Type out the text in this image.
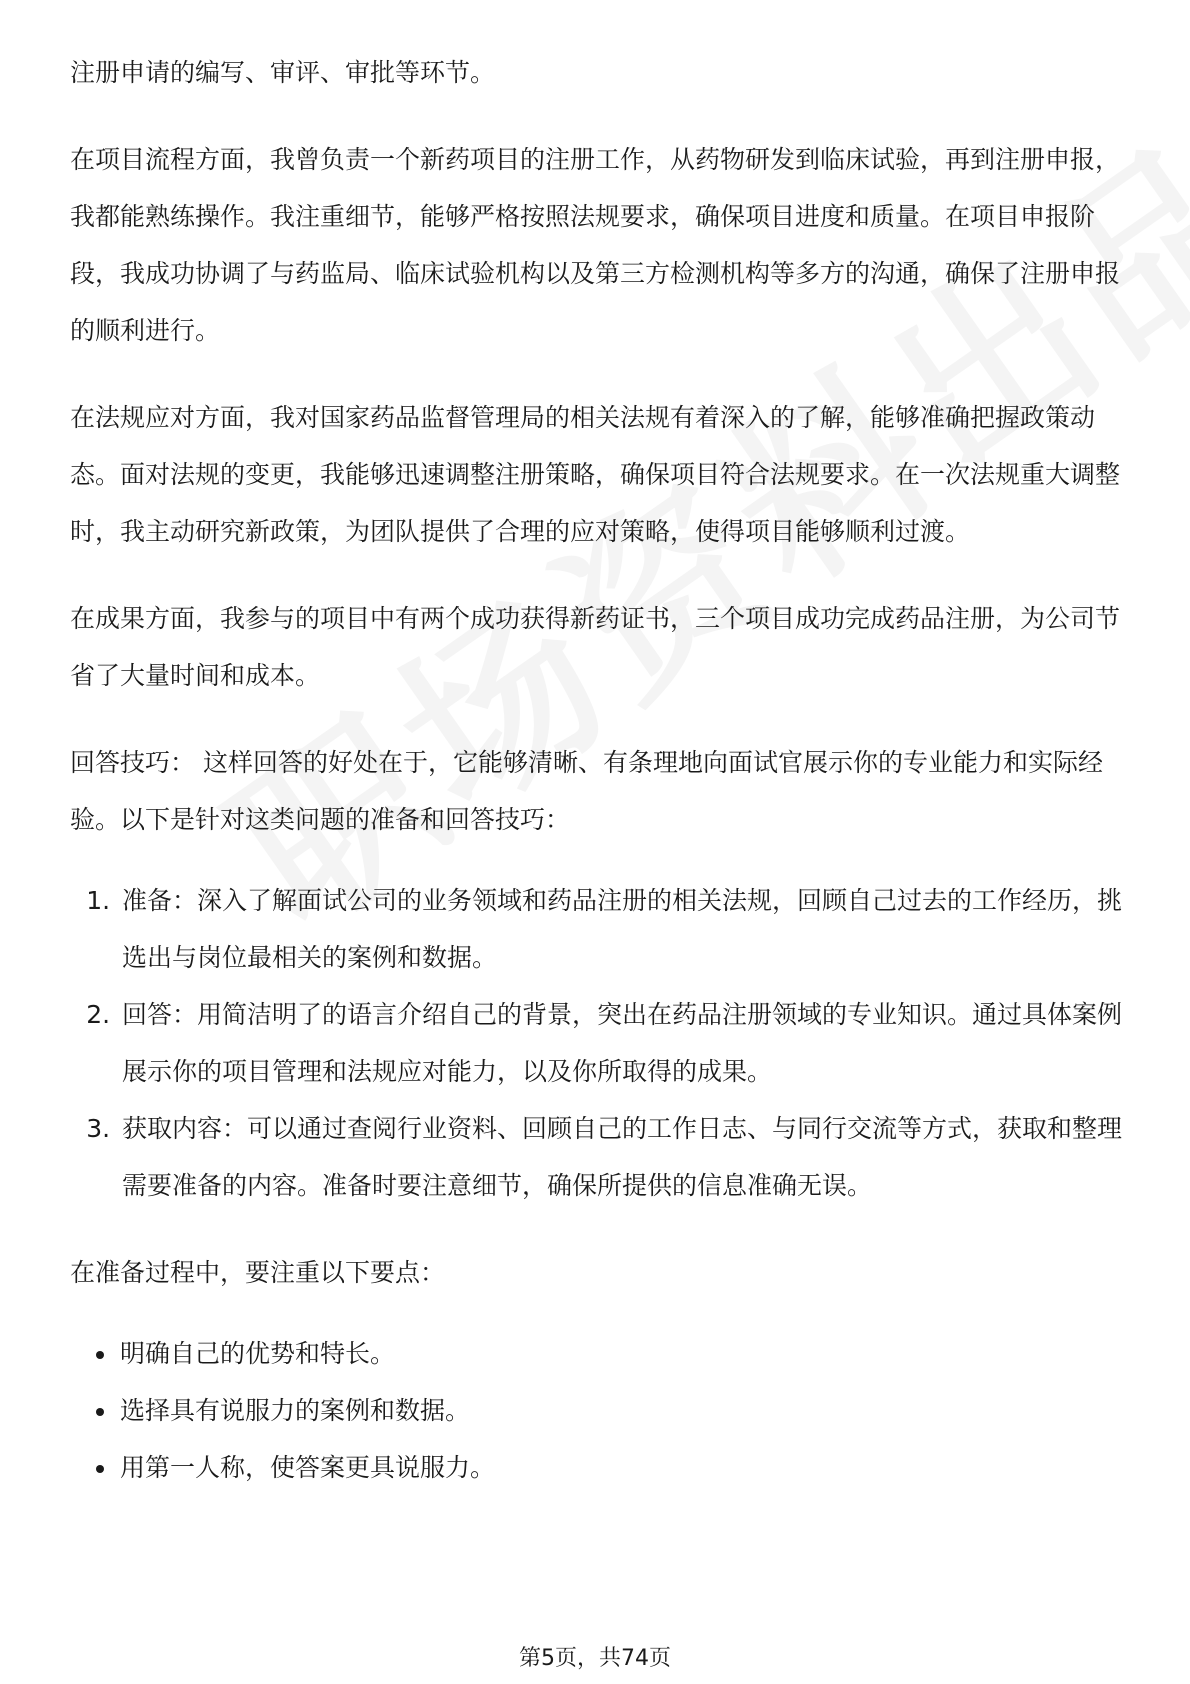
注册申请的编写、审评、审批等环节。

在项目流程方面，我曾负责一个新药项目的注册工作，从药物研发到临床试验，再到注册申报，我都能熟练操作。我注重细节，能够严格按照法规要求，确保项目进度和质量。在项目申报阶段，我成功协调了与药监局、临床试验机构以及第三方检测机构等多方的沟通，确保了注册申报的顺利进行。

在法规应对方面，我对国家药品监督管理局的相关法规有着深入的了解，能够准确把握政策动态。面对法规的变更，我能够迅速调整注册策略，确保项目符合法规要求。在一次法规重大调整时，我主动研究新政策，为团队提供了合理的应对策略，使得项目能够顺利过渡。

在成果方面，我参与的项目中有两个成功获得新药证书，三个项目成功完成药品注册，为公司节省了大量时间和成本。

回答技巧： 这样回答的好处在于，它能够清晰、有条理地向面试官展示你的专业能力和实际经验。以下是针对这类问题的准备和回答技巧：

1. 准备：深入了解面试公司的业务领域和药品注册的相关法规，回顾自己过去的工作经历，挑选出与岗位最相关的案例和数据。
2. 回答：用简洁明了的语言介绍自己的背景，突出在药品注册领域的专业知识。通过具体案例展示你的项目管理和法规应对能力，以及你所取得的成果。
3. 获取内容：可以通过查阅行业资料、回顾自己的工作日志、与同行交流等方式，获取和整理需要准备的内容。准备时要注意细节，确保所提供的信息准确无误。

在准备过程中，要注重以下要点：

• 明确自己的优势和特长。
• 选择具有说服力的案例和数据。
• 用第一人称，使答案更具说服力。
第5页，共74页
